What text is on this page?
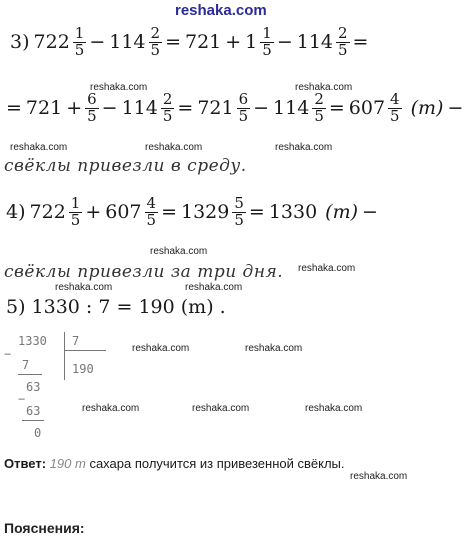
reshaka.com
3) $722 \frac{1}{5} - 114 \frac{2}{5} = 721 + 1 \frac{1}{5} - 114 \frac{2}{5}$ =
reshaka.com	reshaka.com
= $721 + \frac{6}{5} - 114 \frac{2}{5} = 721 \frac{6}{5} - 114 \frac{2}{5} = 607 \frac{4}{5} (m)$ −
reshaka.com	reshaka.com	reshaka.com
свёклы привезли в среду.
4) $722 \frac{1}{5} + 607 \frac{4}{5} = 1329 \frac{5}{5} = 1330$ (m) −
reshaka.com
свёклы привезли за три дня. reshaka.com
reshaka.com	reshaka.com
5) 1330 : 7 = 190 (m) .
−
1330 7
190
7
63
−
63
0
reshaka.com	reshaka.com
reshaka.com	reshaka.com	reshaka.com
Ответ: 190 т сахара получится из привезенной свёклы.
reshaka.com
Пояснения:
